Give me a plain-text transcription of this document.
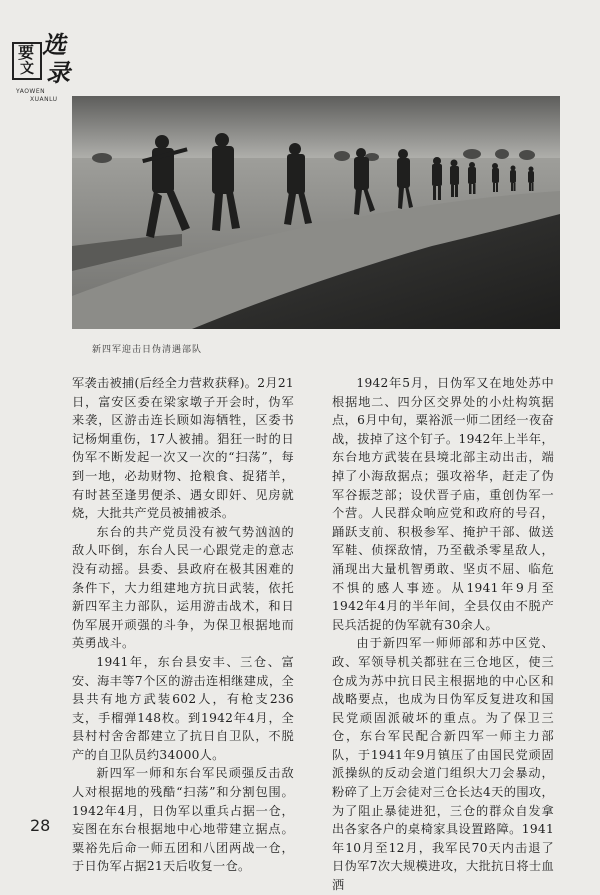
要
文
选
录
YAOWEN
XUANLU
新四军迎击日伪清遇部队

军袭击被捕(后经全力营救获释)。2月21日，富安区委在梁家墩子开会时，伪军来袭，区游击连长顾如海牺牲，区委书记杨炯重伤，17人被捕。猖狂一时的日伪军不断发起一次又一次的“扫荡”，每到一地，必劫财物、抢粮食、捉猪羊，有时甚至逢男便杀、遇女即奸、见房就烧，大批共产党员被捕被杀。

东台的共产党员没有被气势汹汹的敌人吓倒，东台人民一心跟党走的意志没有动摇。县委、县政府在极其困难的条件下，大力组建地方抗日武装，依托新四军主力部队，运用游击战术，和日伪军展开顽强的斗争，为保卫根据地而英勇战斗。

1941年，东台县安丰、三仓、富安、海丰等7个区的游击连相继建成，全县共有地方武装602人，有枪支236支，手榴弹148枚。到1942年4月，全县村村舍舍都建立了抗日自卫队，不脱产的自卫队员约34000人。

新四军一师和东台军民顽强反击敌人对根据地的残酷“扫荡”和分割包围。1942年4月，日伪军以重兵占据一仓，妄图在东台根据地中心地带建立据点。粟裕先后命一师五团和八团两战一仓，于日伪军占据21天后收复一仓。

1942年5月，日伪军又在地处苏中根据地二、四分区交界处的小灶构筑据点，6月中旬，粟裕派一师二团经一夜奋战，拔掉了这个钉子。1942年上半年，东台地方武装在县境北部主动出击，端掉了小海敌据点；强攻裕华，赶走了伪军谷振芝部；设伏晋子庙，重创伪军一个营。人民群众响应党和政府的号召，踊跃支前、积极参军、掩护干部、做送军鞋、侦探敌情，乃至截杀零星敌人，涌现出大量机智勇敢、坚贞不屈、临危不惧的感人事迹。从1941年9月至1942年4月的半年间，全县仅由不脱产民兵活捉的伪军就有30余人。

由于新四军一师师部和苏中区党、政、军领导机关都驻在三仓地区，使三仓成为苏中抗日民主根据地的中心区和战略要点，也成为日伪军反复进攻和国民党顽固派破坏的重点。为了保卫三仓，东台军民配合新四军一师主力部队，于1941年9月镇压了由国民党顽固派操纵的反动会道门组织大刀会暴动，粉碎了上万会徒对三仓长达4天的围攻，为了阻止暴徒进犯，三仓的群众自发拿出各家各户的桌椅家具设置路障。1941年10月至12月，我军民70天内击退了日伪军7次大规模进攻，大批抗日将士血洒

28
